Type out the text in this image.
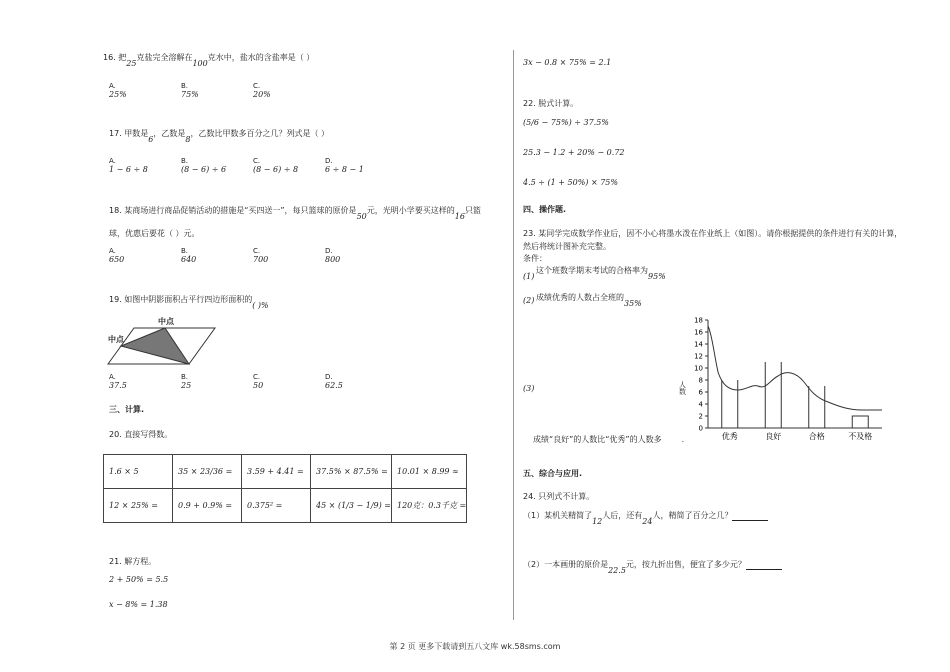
16. 把25克盐完全溶解在100克水中，盐水的含盐率是（ ）
A.
25%
B.
75%
C.
20%
17. 甲数是6，乙数是8，乙数比甲数多百分之几？列式是（ ）
A.
1 − 6 ÷ 8
B.
(8 − 6) ÷ 6
C.
(8 − 6) ÷ 8
D.
6 ÷ 8 − 1
18. 某商场进行商品促销活动的措施是“买四送一”，每只篮球的原价是50元，光明小学要买这样的16只篮
球，优惠后要花（ ）元。
A.
650
B.
640
C.
700
D.
800
19. 如图中阴影面积占平行四边形面积的( )%
中点
中点
A.
37.5
B.
25
C.
50
D.
62.5
三、计算.
20. 直接写得数。
1.6 × 5	35 × 23/36 =	3.59 + 4.41 =	37.5% × 87.5% =	10.01 × 8.99 ≈
12 × 25% =	0.9 + 0.9% =	0.375² =	45 × (1/3 − 1/9) =	120克：0.3千克 =
21. 解方程。
2 + 50% = 5.5
x − 8% = 1.38
3x − 0.8 × 75% = 2.1
22. 脱式计算。
(5/6 − 75%) ÷ 37.5%
25.3 − 1.2 + 20% − 0.72
4.5 ÷ (1 + 50%) × 75%
四、操作题.
23. 某同学完成数学作业后，因不小心将墨水泼在作业纸上（如图）。请你根据提供的条件进行有关的计算，
然后将统计图补充完整。
条件：
(1)
这个班数学期末考试的合格率为95%
(2) 成绩优秀的人数占全班的35%
(3)	人数
0
2
4
6
8
10
12
14
16
18
优秀	良好	合格	不及格
成绩“良好”的人数比“优秀”的人数多	.
五、综合与应用.
24. 只列式不计算。
（1）某机关精简了12人后，还有24人，精简了百分之几？
（2）一本画册的原价是22.5元，按九折出售，便宜了多少元？
第 2 页 更多下载请到五八文库 wk.58sms.com
